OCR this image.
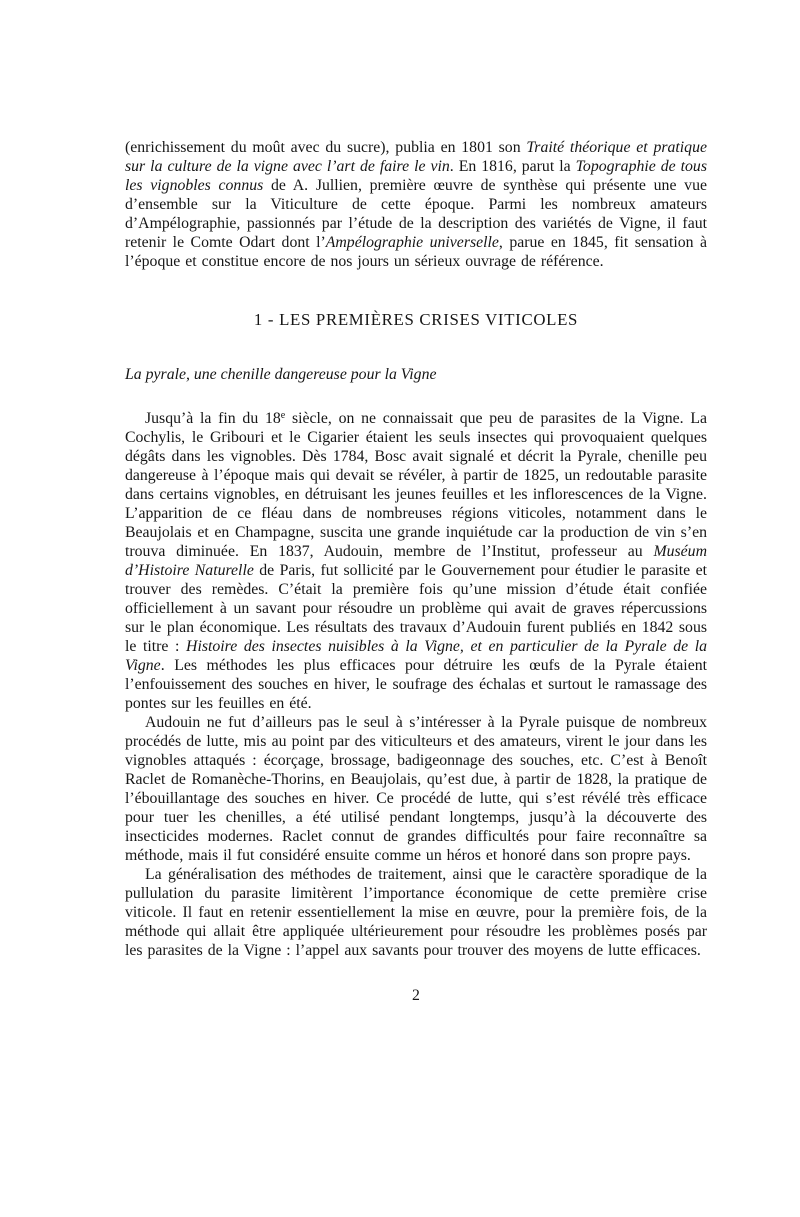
(enrichissement du moût avec du sucre), publia en 1801 son Traité théorique et pratique sur la culture de la vigne avec l’art de faire le vin. En 1816, parut la Topographie de tous les vignobles connus de A. Jullien, première œuvre de synthèse qui présente une vue d’ensemble sur la Viticulture de cette époque. Parmi les nombreux amateurs d’Ampélographie, passionnés par l’étude de la description des variétés de Vigne, il faut retenir le Comte Odart dont l’Ampélographie universelle, parue en 1845, fit sensation à l’époque et constitue encore de nos jours un sérieux ouvrage de référence.

1 - LES PREMIÈRES CRISES VITICOLES

La pyrale, une chenille dangereuse pour la Vigne

Jusqu’à la fin du 18e siècle, on ne connaissait que peu de parasites de la Vigne. La Cochylis, le Gribouri et le Cigarier étaient les seuls insectes qui provoquaient quelques dégâts dans les vignobles. Dès 1784, Bosc avait signalé et décrit la Pyrale, chenille peu dangereuse à l’époque mais qui devait se révéler, à partir de 1825, un redoutable parasite dans certains vignobles, en détruisant les jeunes feuilles et les inflorescences de la Vigne. L’apparition de ce fléau dans de nombreuses régions viticoles, notamment dans le Beaujolais et en Champagne, suscita une grande inquiétude car la production de vin s’en trouva diminuée. En 1837, Audouin, membre de l’Institut, professeur au Muséum d’Histoire Naturelle de Paris, fut sollicité par le Gouvernement pour étudier le parasite et trouver des remèdes. C’était la première fois qu’une mission d’étude était confiée officiellement à un savant pour résoudre un problème qui avait de graves répercussions sur le plan économique. Les résultats des travaux d’Audouin furent publiés en 1842 sous le titre : Histoire des insectes nuisibles à la Vigne, et en particulier de la Pyrale de la Vigne. Les méthodes les plus efficaces pour détruire les œufs de la Pyrale étaient l’enfouissement des souches en hiver, le soufrage des échalas et surtout le ramassage des pontes sur les feuilles en été.

Audouin ne fut d’ailleurs pas le seul à s’intéresser à la Pyrale puisque de nombreux procédés de lutte, mis au point par des viticulteurs et des amateurs, virent le jour dans les vignobles attaqués : écorçage, brossage, badigeonnage des souches, etc. C’est à Benoît Raclet de Romanèche-Thorins, en Beaujolais, qu’est due, à partir de 1828, la pratique de l’ébouillantage des souches en hiver. Ce procédé de lutte, qui s’est révélé très efficace pour tuer les chenilles, a été utilisé pendant longtemps, jusqu’à la découverte des insecticides modernes. Raclet connut de grandes difficultés pour faire reconnaître sa méthode, mais il fut considéré ensuite comme un héros et honoré dans son propre pays.

La généralisation des méthodes de traitement, ainsi que le caractère sporadique de la pullulation du parasite limitèrent l’importance économique de cette première crise viticole. Il faut en retenir essentiellement la mise en œuvre, pour la première fois, de la méthode qui allait être appliquée ultérieurement pour résoudre les problèmes posés par les parasites de la Vigne : l’appel aux savants pour trouver des moyens de lutte efficaces.

2
